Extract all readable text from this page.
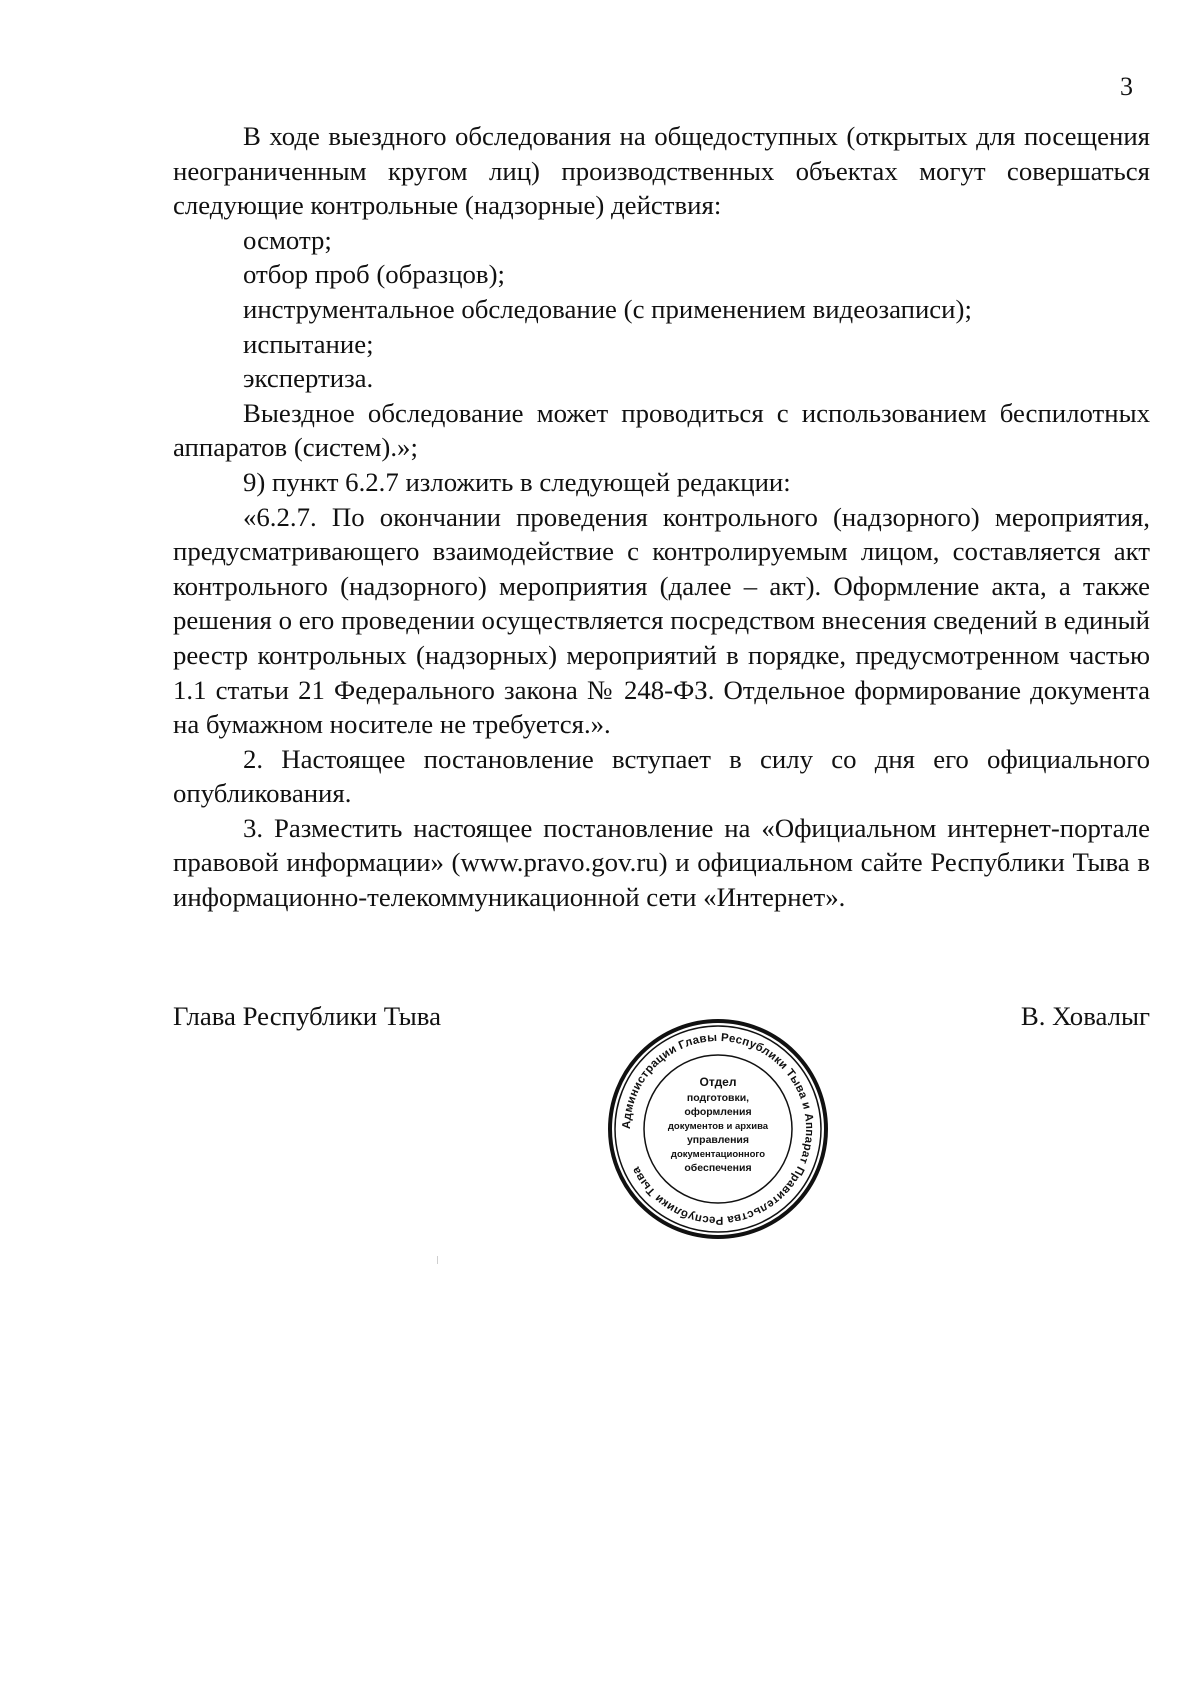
3

В ходе выездного обследования на общедоступных (открытых для посещения неограниченным кругом лиц) производственных объектах могут совершаться следующие контрольные (надзорные) действия:

осмотр;

отбор проб (образцов);

инструментальное обследование (с применением видеозаписи);

испытание;

экспертиза.

Выездное обследование может проводиться с использованием беспилотных аппаратов (систем).»;

9) пункт 6.2.7 изложить в следующей редакции:

«6.2.7. По окончании проведения контрольного (надзорного) мероприятия, предусматривающего взаимодействие с контролируемым лицом, составляется акт контрольного (надзорного) мероприятия (далее – акт). Оформление акта, а также решения о его проведении осуществляется посредством внесения сведений в единый реестр контрольных (надзорных) мероприятий в порядке, предусмотренном частью 1.1 статьи 21 Федерального закона № 248-ФЗ. Отдельное формирование документа на бумажном носителе не требуется.».

2. Настоящее постановление вступает в силу со дня его официального опубликования.

3. Разместить настоящее постановление на «Официальном интернет-портале правовой информации» (www.pravo.gov.ru) и официальном сайте Республики Тыва в информационно-телекоммуникационной сети «Интернет».

Глава Республики Тыва	В. Ховалыг
Администрации Главы Республики Тыва и Аппарат Правительства Республики Тыва
Отдел
подготовки,
оформления
документов и архива
управления
документационного
обеспечения
